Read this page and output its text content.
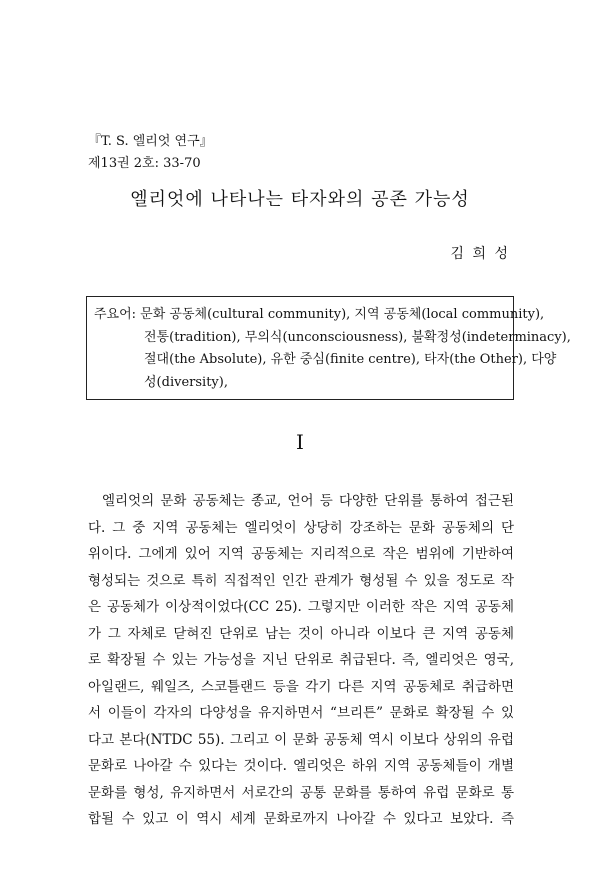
『T. S. 엘리엇 연구』
제13권 2호: 33-70
엘리엇에 나타나는 타자와의 공존 가능성
김 희 성
주요어: 문화 공동체(cultural community), 지역 공동체(local community),
전통(tradition), 무의식(unconsciousness), 불확정성(indeterminacy),
절대(the Absolute), 유한 중심(finite centre), 타자(the Other), 다양
성(diversity),
I
엘리엇의 문화 공동체는 종교, 언어 등 다양한 단위를 통하여 접근된
다. 그 중 지역 공동체는 엘리엇이 상당히 강조하는 문화 공동체의 단
위이다. 그에게 있어 지역 공동체는 지리적으로 작은 범위에 기반하여
형성되는 것으로 특히 직접적인 인간 관계가 형성될 수 있을 정도로 작
은 공동체가 이상적이었다(CC 25). 그렇지만 이러한 작은 지역 공동체
가 그 자체로 닫혀진 단위로 남는 것이 아니라 이보다 큰 지역 공동체
로 확장될 수 있는 가능성을 지닌 단위로 취급된다. 즉, 엘리엇은 영국,
아일랜드, 웨일즈, 스코틀랜드 등을 각기 다른 지역 공동체로 취급하면
서 이들이 각자의 다양성을 유지하면서 “브리튼” 문화로 확장될 수 있
다고 본다(NTDC 55). 그리고 이 문화 공동체 역시 이보다 상위의 유럽
문화로 나아갈 수 있다는 것이다. 엘리엇은 하위 지역 공동체들이 개별
문화를 형성, 유지하면서 서로간의 공통 문화를 통하여 유럽 문화로 통
합될 수 있고 이 역시 세계 문화로까지 나아갈 수 있다고 보았다. 즉
